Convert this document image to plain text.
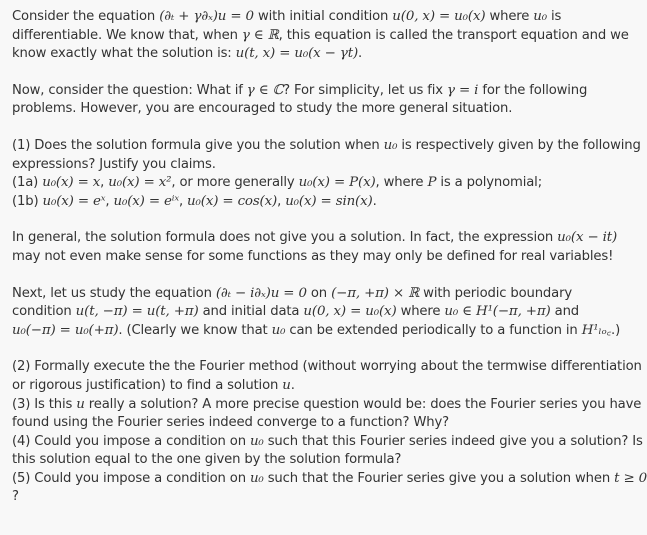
Consider the equation (∂ₜ + γ∂ₓ)u = 0 with initial condition u(0, x) = u₀(x) where u₀ is
differentiable. We know that, when γ ∈ ℝ, this equation is called the transport equation and we
know exactly what the solution is: u(t, x) = u₀(x − γt).
Now, consider the question: What if γ ∈ ℂ? For simplicity, let us fix γ = i for the following
problems. However, you are encouraged to study the more general situation.
(1) Does the solution formula give you the solution when u₀ is respectively given by the following
expressions? Justify you claims.
(1a) u₀(x) = x, u₀(x) = x², or more generally u₀(x) = P(x), where P is a polynomial;
(1b) u₀(x) = eˣ, u₀(x) = eⁱˣ, u₀(x) = cos(x), u₀(x) = sin(x).
In general, the solution formula does not give you a solution. In fact, the expression u₀(x − it)
may not even make sense for some functions as they may only be defined for real variables!
Next, let us study the equation (∂ₜ − i∂ₓ)u = 0 on (−π, +π) × ℝ with periodic boundary
condition u(t, −π) = u(t, +π) and initial data u(0, x) = u₀(x) where u₀ ∈ H¹(−π, +π) and
u₀(−π) = u₀(+π). (Clearly we know that u₀ can be extended periodically to a function in H¹ₗₒ꜀.)
(2) Formally execute the the Fourier method (without worrying about the termwise differentiation
or rigorous justification) to find a solution u.
(3) Is this u really a solution? A more precise question would be: does the Fourier series you have
found using the Fourier series indeed converge to a function? Why?
(4) Could you impose a condition on u₀ such that this Fourier series indeed give you a solution? Is
this solution equal to the one given by the solution formula?
(5) Could you impose a condition on u₀ such that the Fourier series give you a solution when t ≥ 0
?
